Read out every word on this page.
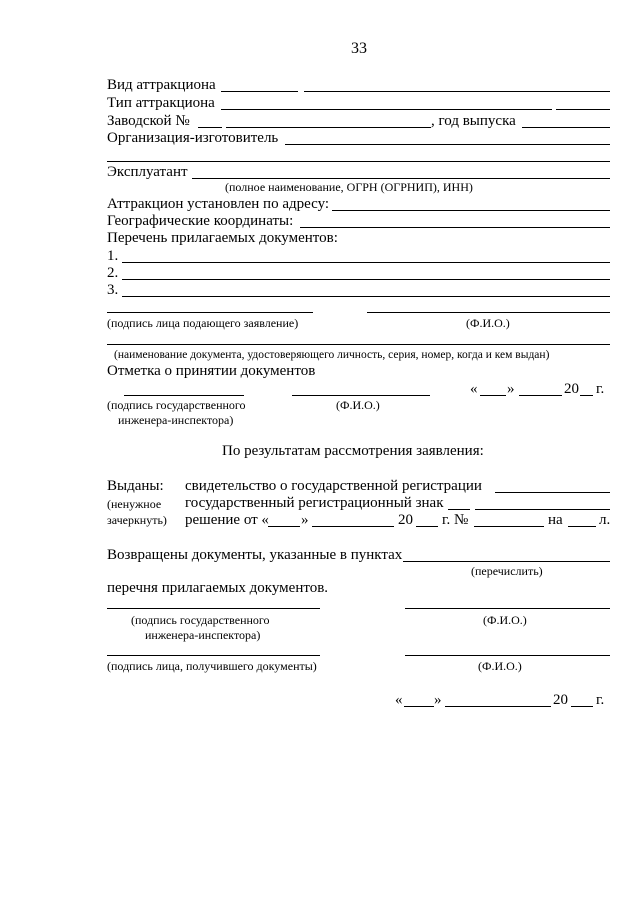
33
Вид аттракциона
Тип аттракциона
Заводской №	, год выпуска
Организация-изготовитель
Эксплуатант
(полное наименование, ОГРН (ОГРНИП), ИНН)
Аттракцион установлен по адресу:
Географические координаты:
Перечень прилагаемых документов:
1.
2.
3.
(подпись лица подающего заявление)	(Ф.И.О.)
(наименование документа, удостоверяющего личность, серия, номер, когда и кем выдан)
Отметка о принятии документов
« »	20 г.
(подпись государственного
инженера-инспектора)
(Ф.И.О.)
По результатам рассмотрения заявления:
Выданы:
(ненужное
зачеркнуть)
свидетельство о государственной регистрации
государственный регистрационный знак
решение от « »	20 г. №	на л.
Возвращены документы, указанные в пунктах
(перечислить)
перечня прилагаемых документов.
(подпись государственного
инженера-инспектора)
(Ф.И.О.)
(подпись лица, получившего документы)	(Ф.И.О.)
« »	20 г.
